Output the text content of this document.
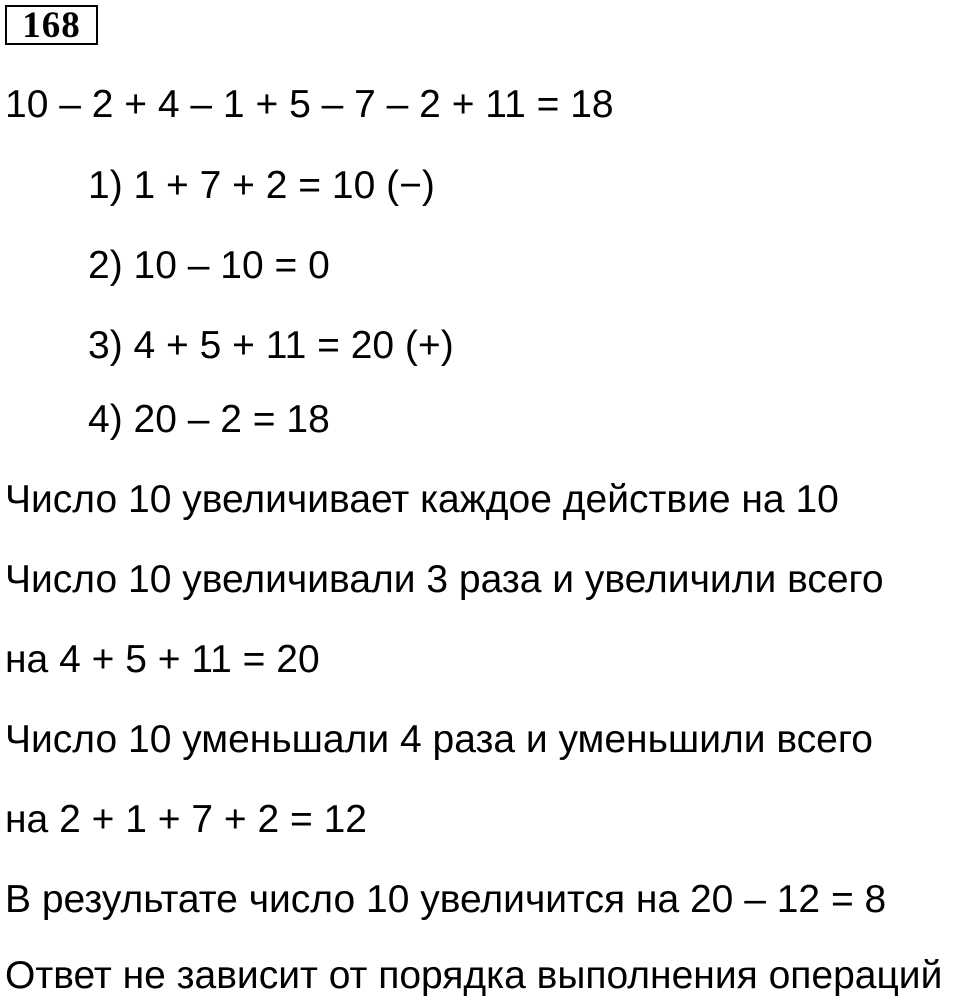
168
10 – 2 + 4 – 1 + 5 – 7 – 2 + 11 = 18
1) 1 + 7 + 2 = 10 (−)
2) 10 – 10 = 0
3) 4 + 5 + 11 = 20 (+)
4) 20 – 2 = 18
Число 10 увеличивает каждое действие на 10
Число 10 увеличивали 3 раза и увеличили всего
на 4 + 5 + 11 = 20
Число 10 уменьшали 4 раза и уменьшили всего
на 2 + 1 + 7 + 2 = 12
В результате число 10 увеличится на 20 – 12 = 8
Ответ не зависит от порядка выполнения операций
